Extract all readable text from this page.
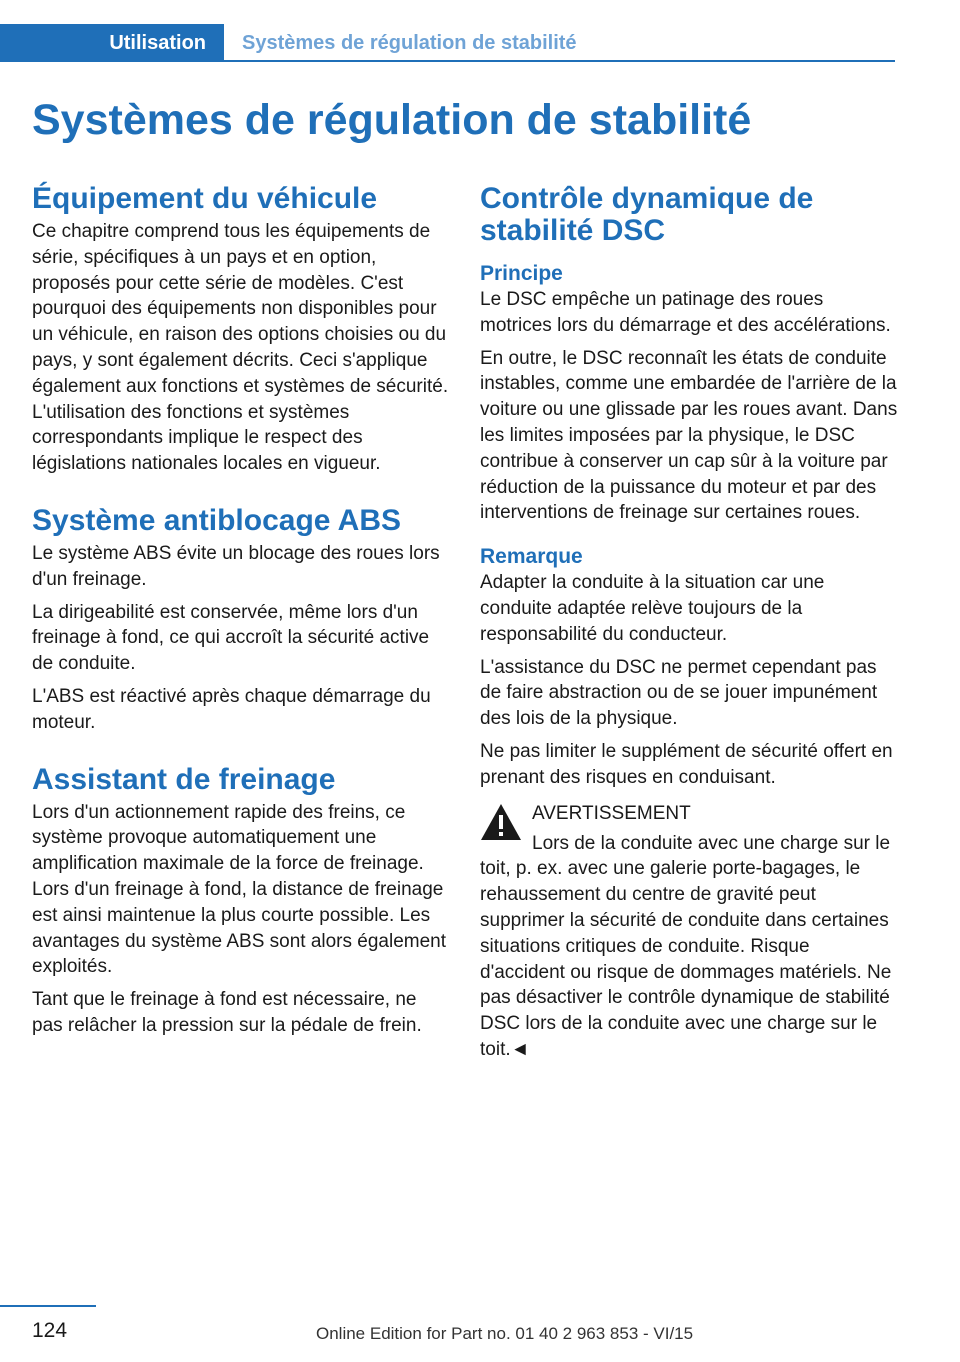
Utilisation	Systèmes de régulation de stabilité
Systèmes de régulation de stabilité
Équipement du véhicule

Ce chapitre comprend tous les équipements de série, spécifiques à un pays et en option, proposés pour cette série de modèles. C'est pourquoi des équipements non disponibles pour un véhicule, en raison des options choisies ou du pays, y sont également décrits. Ceci s'applique également aux fonctions et systèmes de sécurité. L'utilisation des fonctions et systèmes correspondants implique le respect des législations nationales locales en vigueur.

Système antiblocage ABS

Le système ABS évite un blocage des roues lors d'un freinage.

La dirigeabilité est conservée, même lors d'un freinage à fond, ce qui accroît la sécurité active de conduite.

L'ABS est réactivé après chaque démarrage du moteur.

Assistant de freinage

Lors d'un actionnement rapide des freins, ce système provoque automatiquement une amplification maximale de la force de freinage. Lors d'un freinage à fond, la distance de freinage est ainsi maintenue la plus courte possible. Les avantages du système ABS sont alors également exploités.

Tant que le freinage à fond est nécessaire, ne pas relâcher la pression sur la pédale de frein.

Contrôle dynamique de stabilité DSC
Principe

Le DSC empêche un patinage des roues motrices lors du démarrage et des accélérations.

En outre, le DSC reconnaît les états de conduite instables, comme une embardée de l'arrière de la voiture ou une glissade par les roues avant. Dans les limites imposées par la physique, le DSC contribue à conserver un cap sûr à la voiture par réduction de la puissance du moteur et par des interventions de freinage sur certaines roues.

Remarque

Adapter la conduite à la situation car une conduite adaptée relève toujours de la responsabilité du conducteur.

L'assistance du DSC ne permet cependant pas de faire abstraction ou de se jouer impunément des lois de la physique.

Ne pas limiter le supplément de sécurité offert en prenant des risques en conduisant.

AVERTISSEMENT
Lors de la conduite avec une charge sur le toit, p. ex. avec une galerie porte-bagages, le rehaussement du centre de gravité peut supprimer la sécurité de conduite dans certaines situations critiques de conduite. Risque d'accident ou risque de dommages matériels. Ne pas désactiver le contrôle dynamique de stabilité DSC lors de la conduite avec une charge sur le toit.◄
124	Online Edition for Part no. 01 40 2 963 853 - VI/15
